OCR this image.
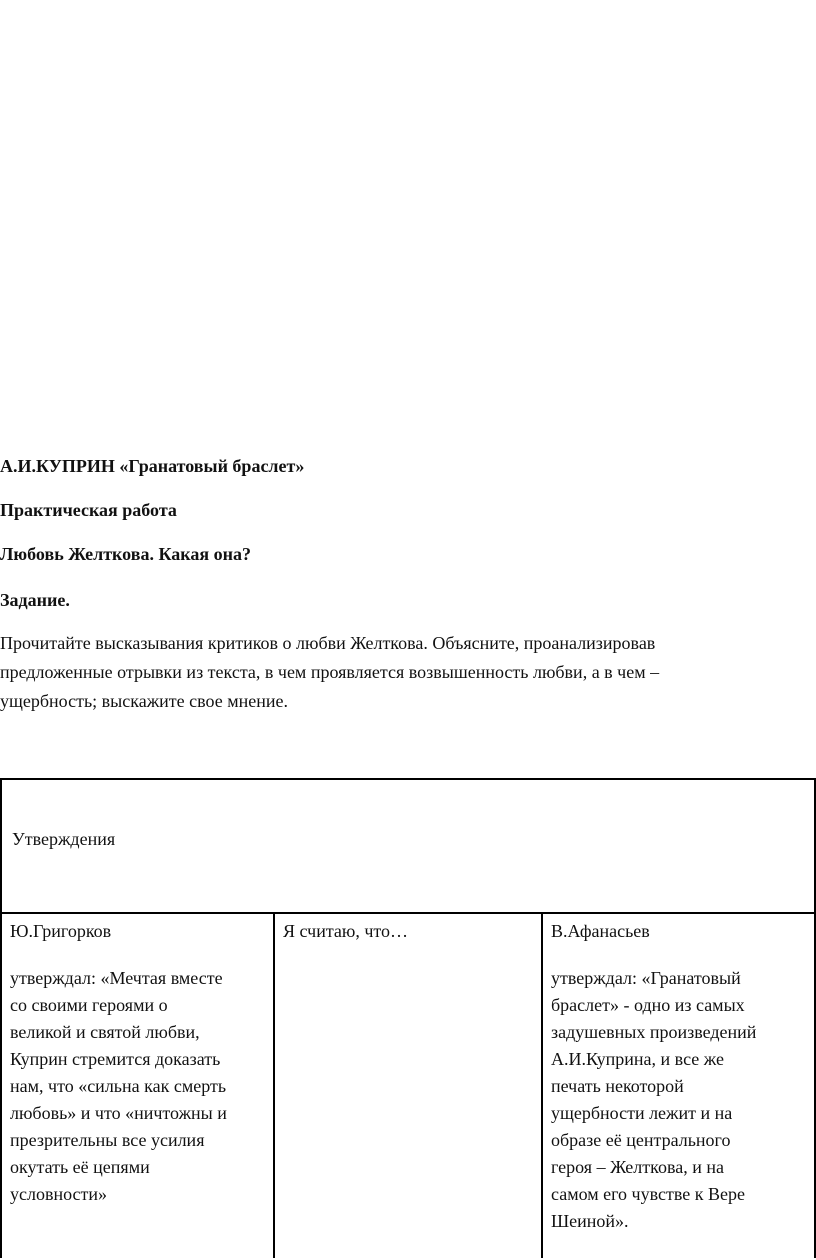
А.И.КУПРИН «Гранатовый браслет»
Практическая работа
Любовь Желткова. Какая она?
Задание.
Прочитайте высказывания критиков о любви Желткова. Объясните, проанализировав
предложенные отрывки из текста, в чем проявляется возвышенность любви, а в чем –
ущербность; выскажите свое мнение.
Утверждения
Ю.Григорков
утверждал: «Мечтая вместе
со своими героями о
великой и святой любви,
Куприн стремится доказать
нам, что «сильна как смерть
любовь» и что «ничтожны и
презрительны все усилия
окутать её цепями
условности»
Я считаю, что…	В.Афанасьев
утверждал: «Гранатовый
браслет» - одно из самых
задушевных произведений
А.И.Куприна, и все же
печать некоторой
ущербности лежит и на
образе её центрального
героя – Желткова, и на
самом его чувстве к Вере
Шеиной».
